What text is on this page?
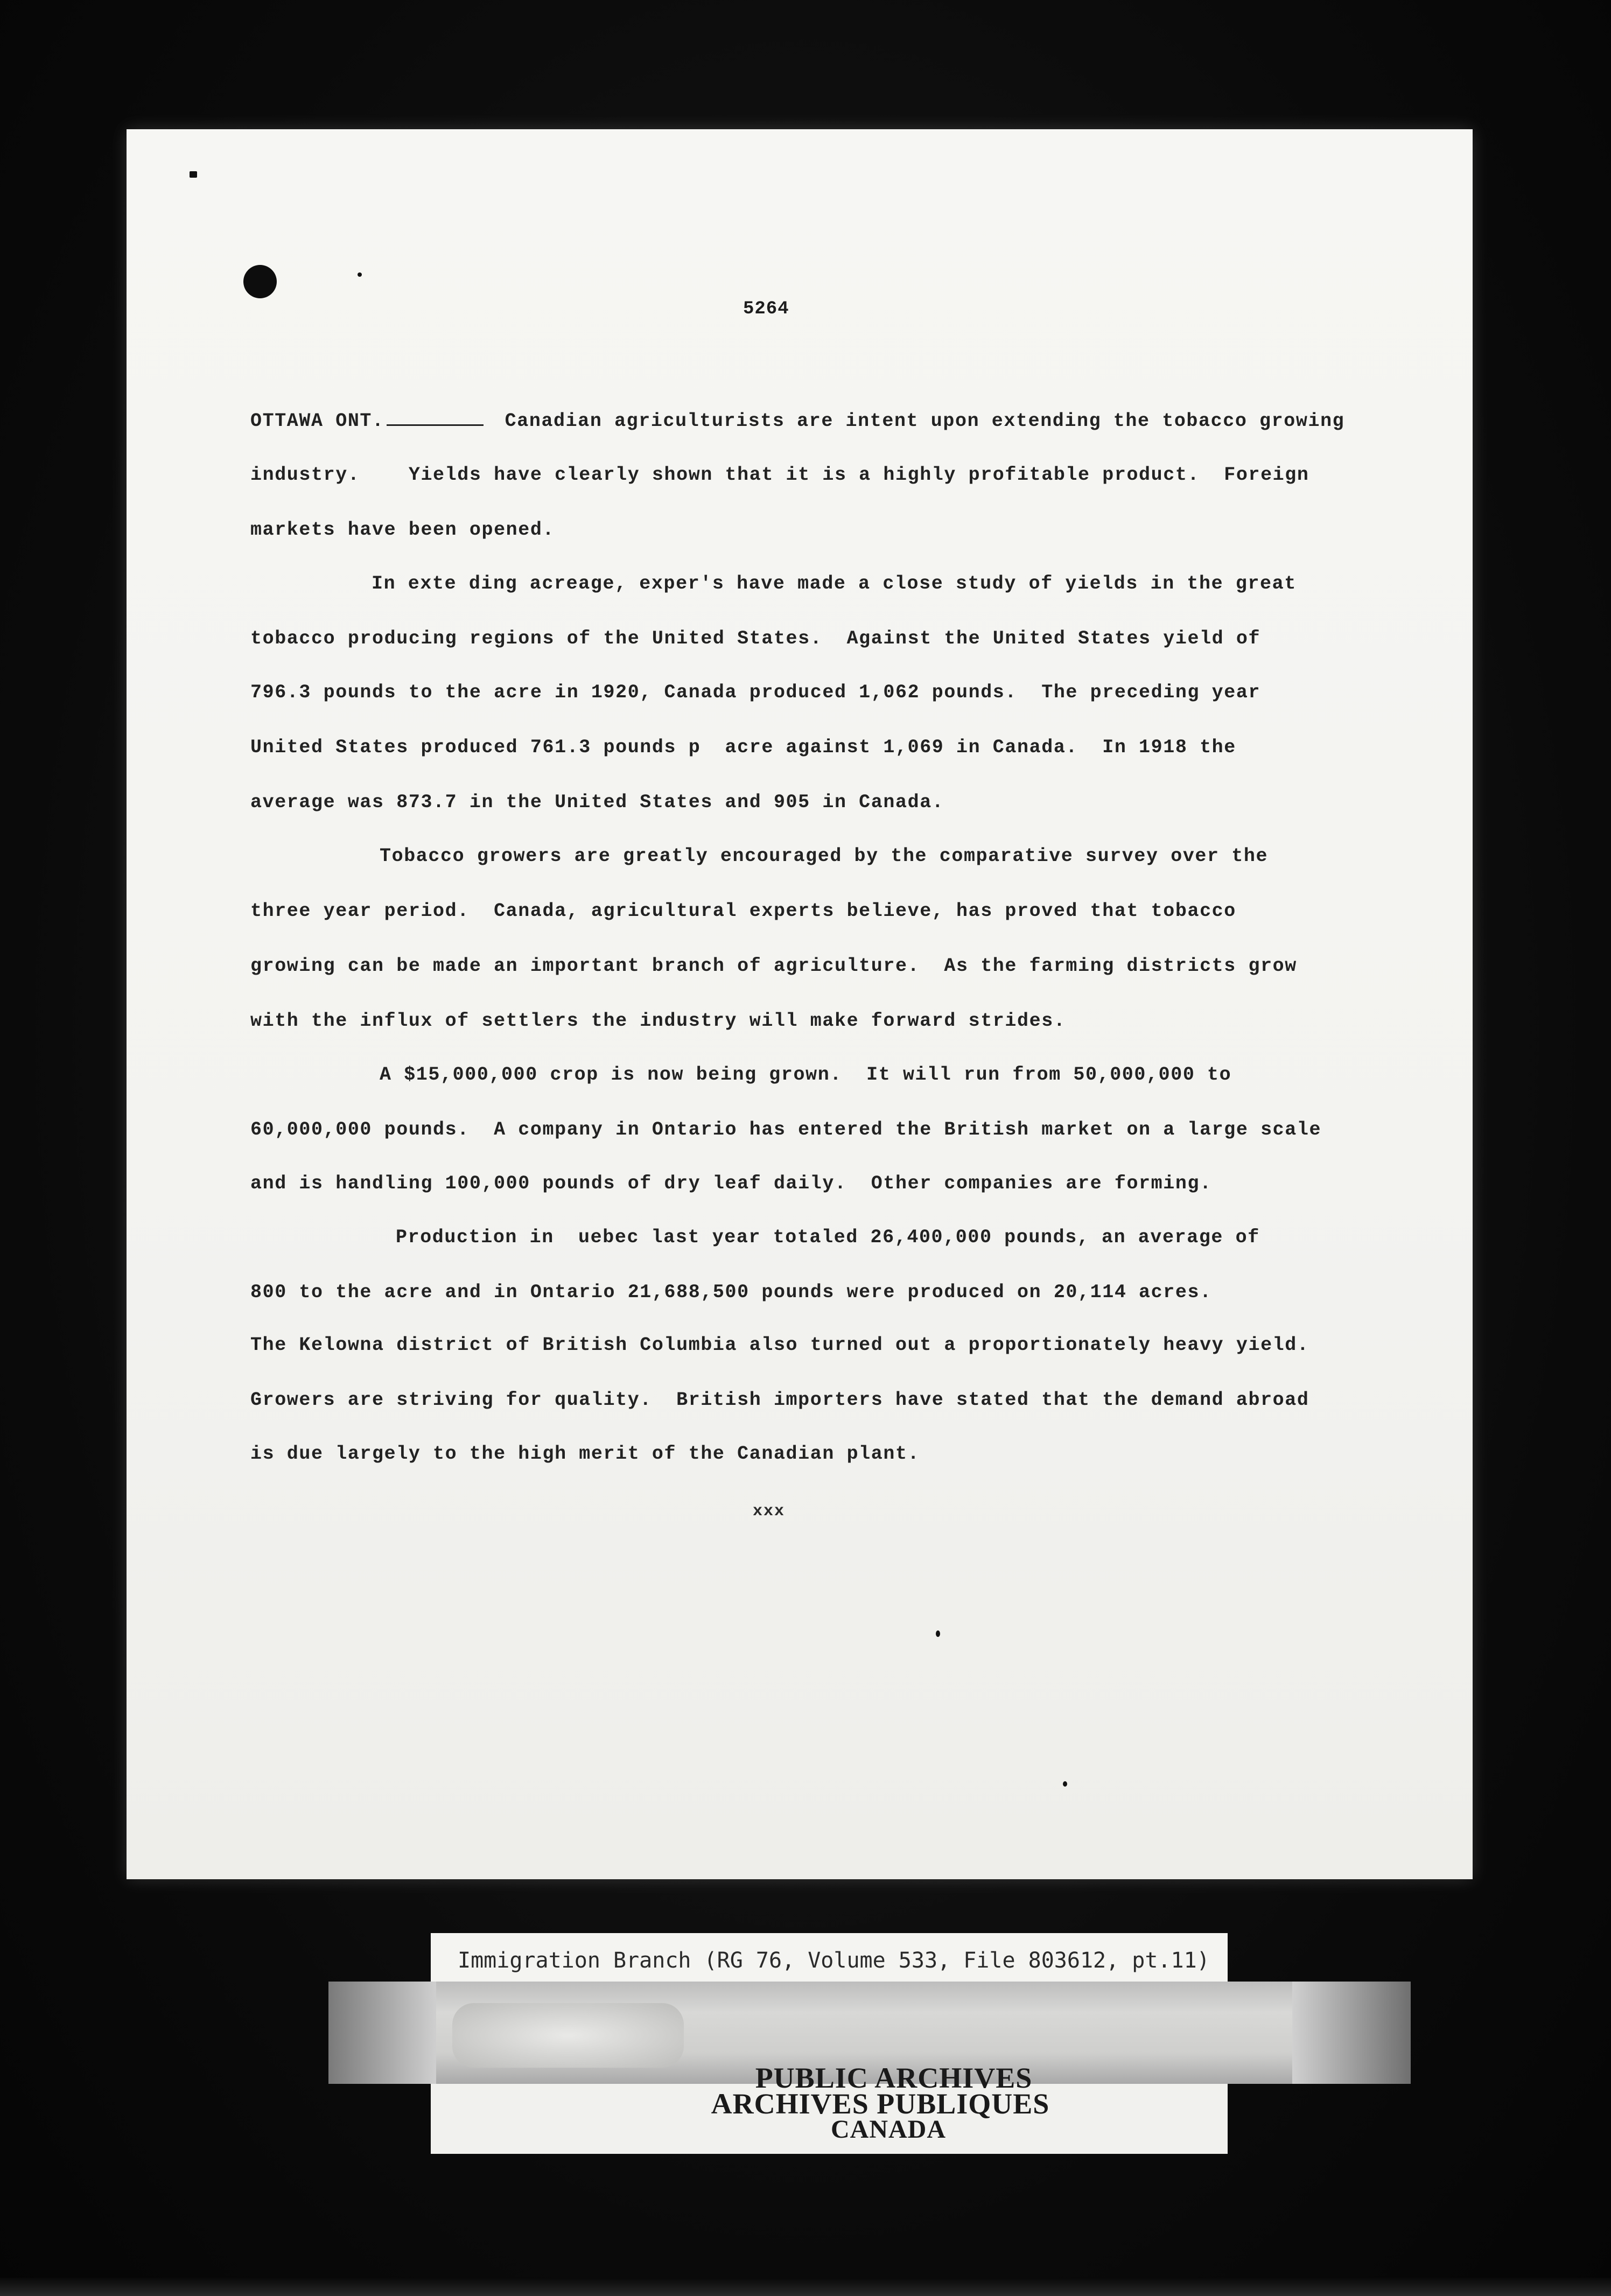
5264
OTTAWA ONT.	Canadian agriculturists are intent upon extending the tobacco growing
industry.    Yields have clearly shown that it is a highly profitable product.  Foreign
markets have been opened.
In exte ding acreage, exper's have made a close study of yields in the great
tobacco producing regions of the United States.  Against the United States yield of
796.3 pounds to the acre in 1920, Canada produced 1,062 pounds.  The preceding year
United States produced 761.3 pounds p  acre against 1,069 in Canada.  In 1918 the
average was 873.7 in the United States and 905 in Canada.
Tobacco growers are greatly encouraged by the comparative survey over the
three year period.  Canada, agricultural experts believe, has proved that tobacco
growing can be made an important branch of agriculture.  As the farming districts grow
with the influx of settlers the industry will make forward strides.
A $15,000,000 crop is now being grown.  It will run from 50,000,000 to
60,000,000 pounds.  A company in Ontario has entered the British market on a large scale
and is handling 100,000 pounds of dry leaf daily.  Other companies are forming.
Production in  uebec last year totaled 26,400,000 pounds, an average of
800 to the acre and in Ontario 21,688,500 pounds were produced on 20,114 acres.
The Kelowna district of British Columbia also turned out a proportionately heavy yield.
Growers are striving for quality.  British importers have stated that the demand abroad
is due largely to the high merit of the Canadian plant.
xxx
Immigration Branch (RG 76, Volume 533, File 803612, pt.11)
PUBLIC ARCHIVES
ARCHIVES PUBLIQUES
CANADA
